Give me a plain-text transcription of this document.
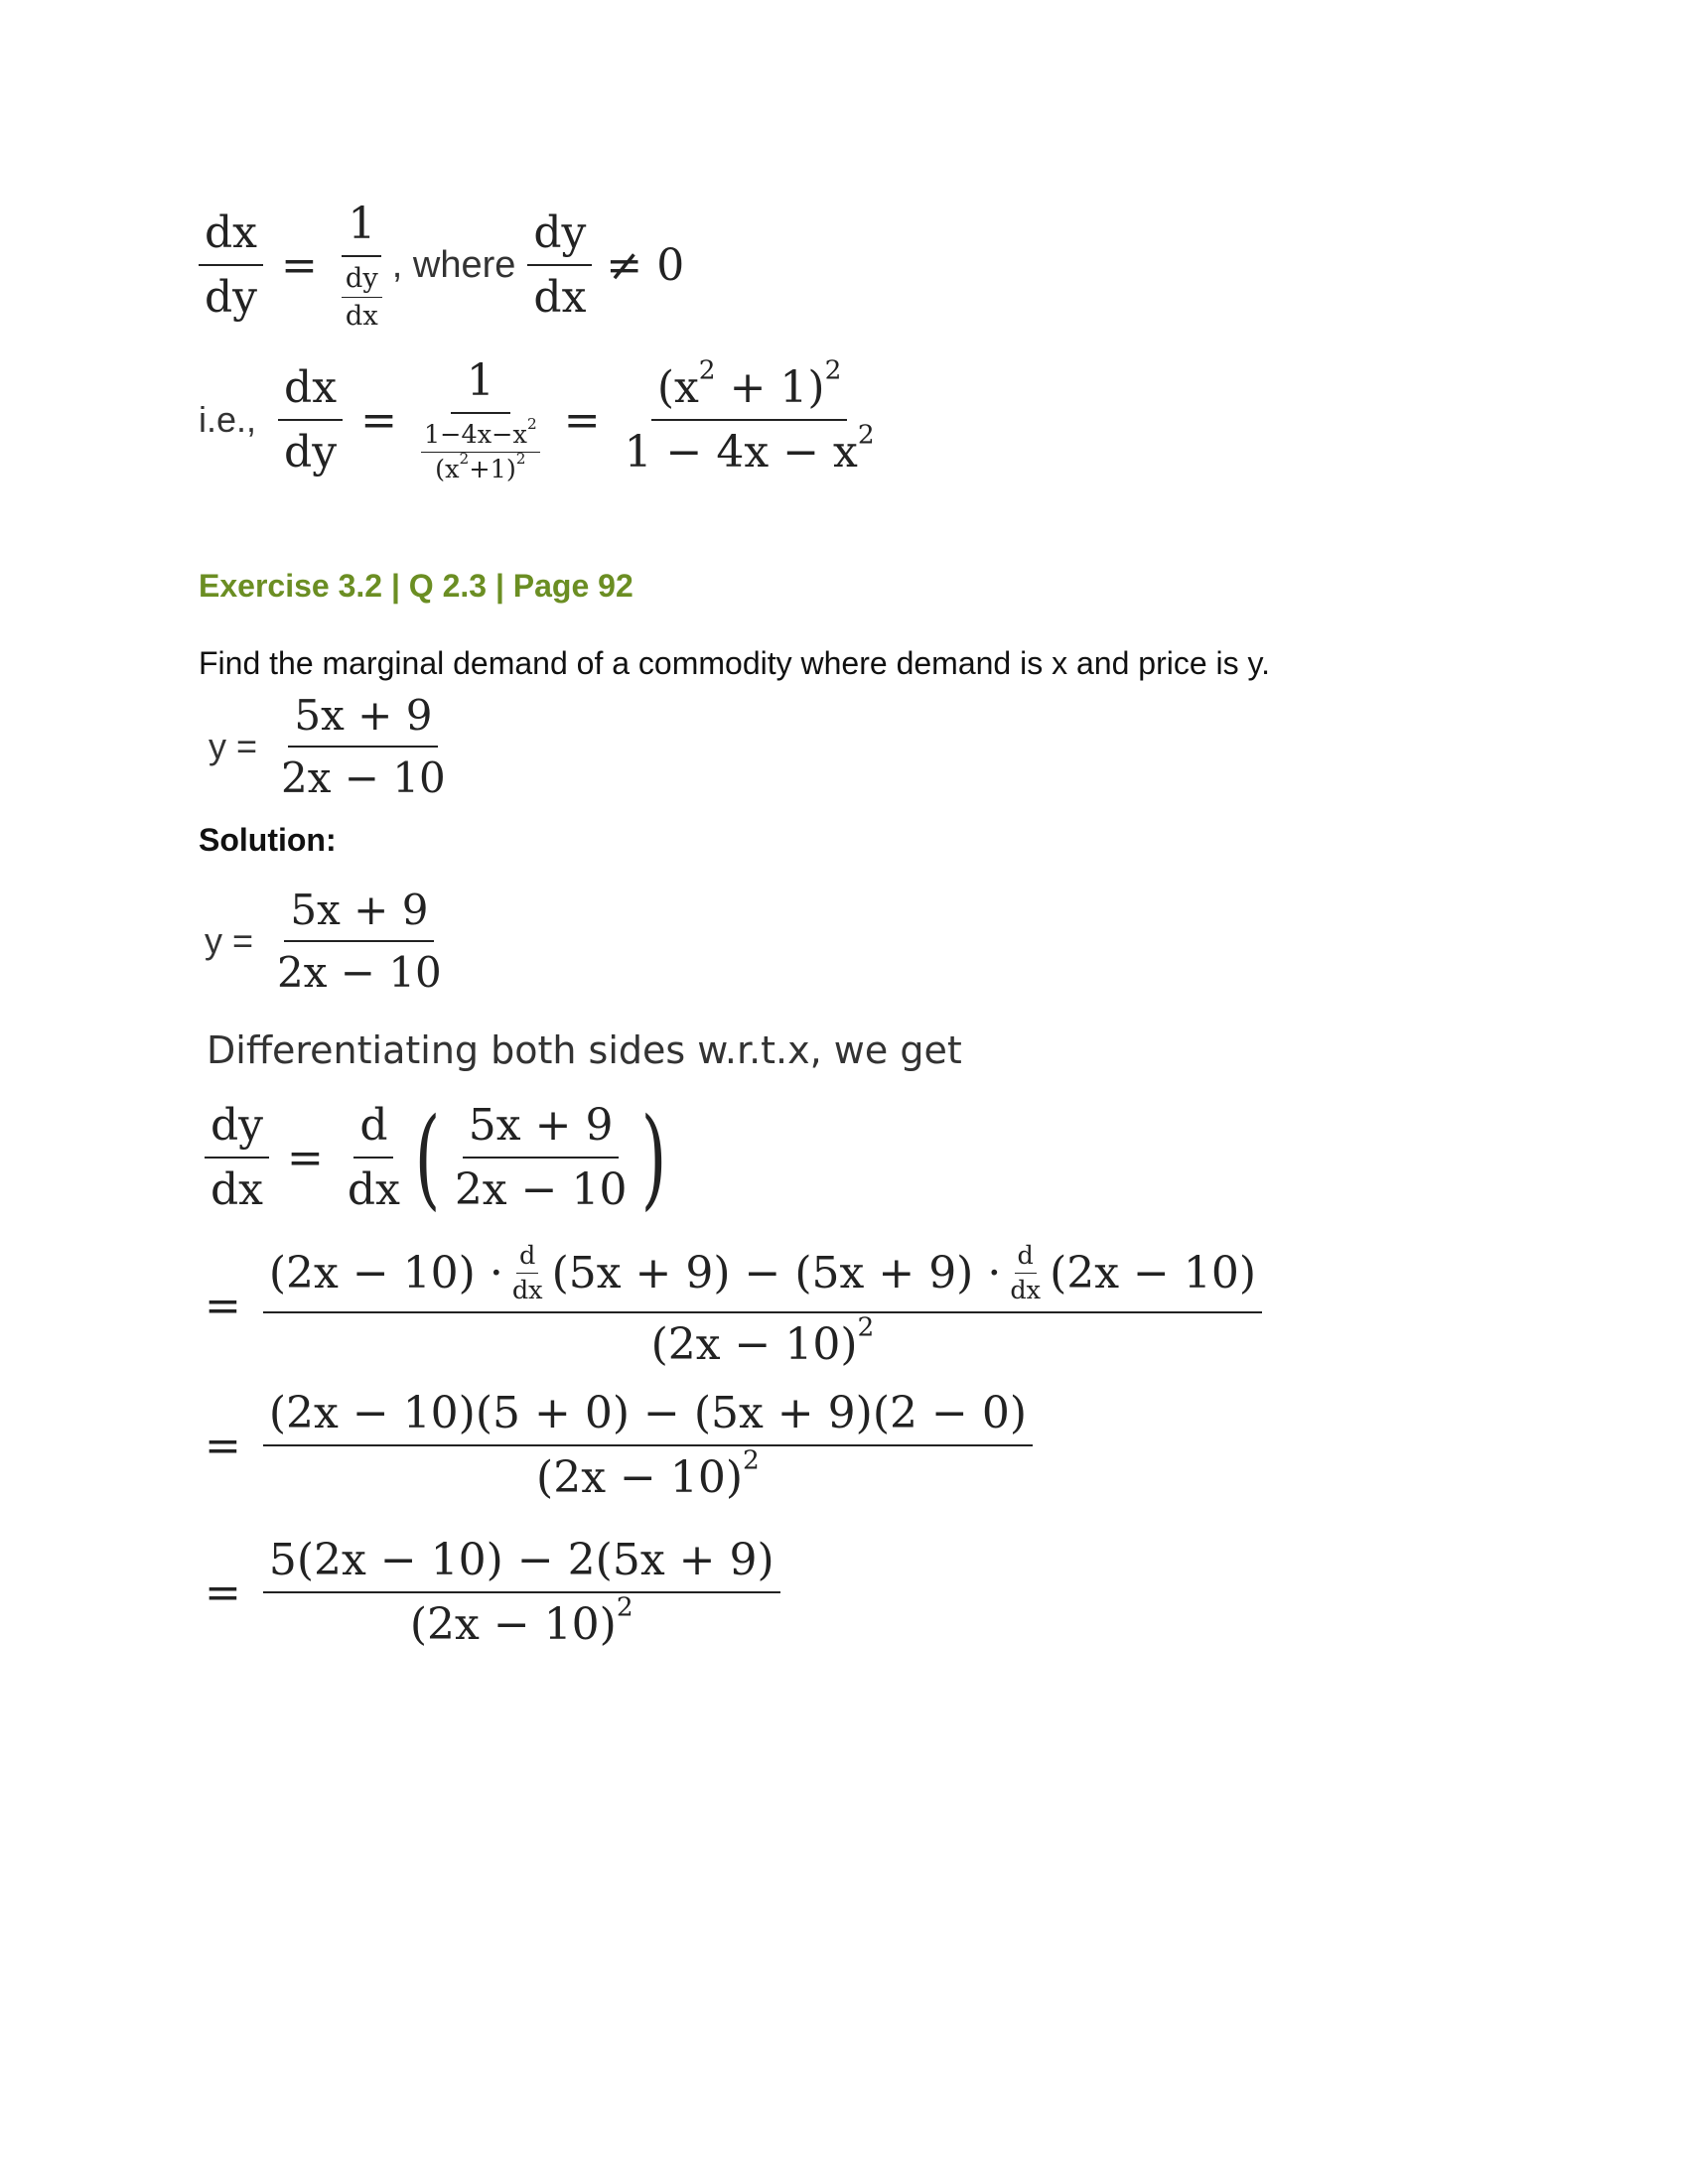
$\frac{dx}{dy} = \frac{1}{\frac{dy}{dx}}$ , where $\frac{dy}{dx} \ne 0$
i.e., $\frac{dx}{dy} = \frac{1}{\frac{1-4x-x^2}{(x^2+1)^2}} = \frac{(x^2 + 1)^2}{1 - 4x - x^2}$
Exercise 3.2 | Q 2.3 | Page 92
Find the marginal demand of a commodity where demand is x and price is y.
$y = \frac{5x + 9}{2x - 10}$
Solution:
$y = \frac{5x + 9}{2x - 10}$
Differentiating both sides w.r.t.x, we get
$\frac{dy}{dx} = \frac{d}{dx}$ ( $\frac{5x + 9}{2x - 10}$ )
=
$(2x - 10) \cdot \frac{d}{dx} (5x + 9) - (5x + 9) \cdot \frac{d}{dx} (2x - 10)$
$(2x - 10)^2$
= $\frac{(2x - 10)(5 + 0) - (5x + 9)(2 - 0)}{(2x - 10)^2}$
= $\frac{5(2x - 10) - 2(5x + 9)}{(2x - 10)^2}$
